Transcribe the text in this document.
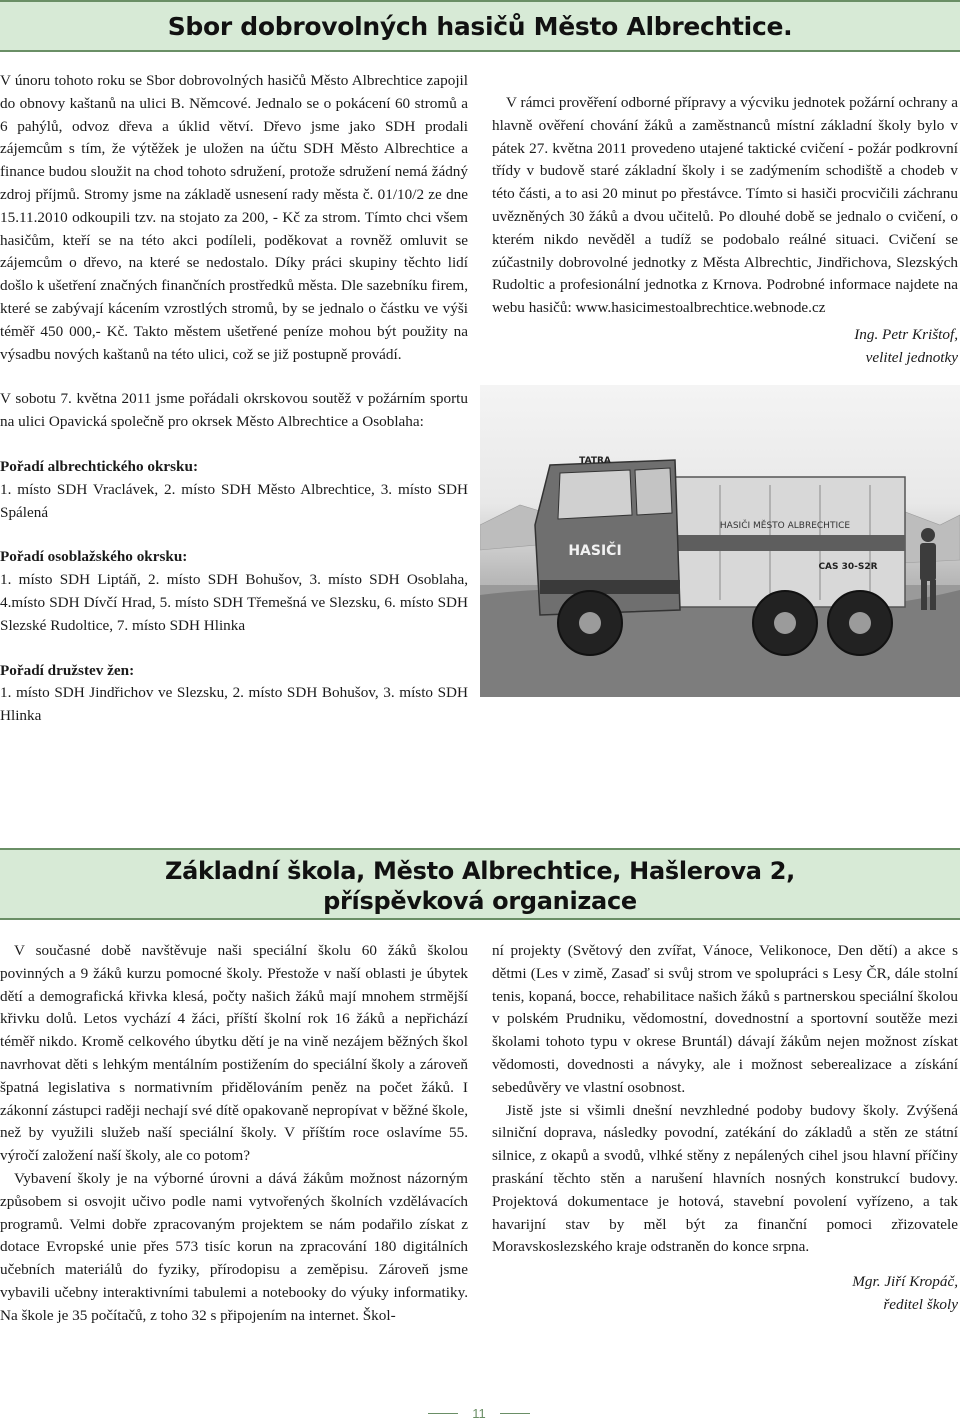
Sbor dobrovolných hasičů Město Albrechtice.

V únoru tohoto roku se Sbor dobrovolných hasičů Město Albrechtice zapojil do obnovy kaštanů na ulici B. Němcové. Jednalo se o pokácení 60 stromů a 6 pahýlů, odvoz dřeva a úklid větví. Dřevo jsme jako SDH prodali zájemcům s tím, že výtěžek je uložen na účtu SDH Město Albrechtice a finance budou sloužit na chod tohoto sdružení, protože sdružení nemá žádný zdroj příjmů. Stromy jsme na základě usnesení rady města č. 01/10/2 ze dne 15.11.2010 odkoupili tzv. na stojato za 200, - Kč za strom. Tímto chci všem hasičům, kteří se na této akci podíleli, poděkovat a rovněž omluvit se zájemcům o dřevo, na které se nedostalo. Díky práci skupiny těchto lidí došlo k ušetření značných finančních prostředků města. Dle sazebníku firem, které se zabývají kácením vzrostlých stromů, by se jednalo o částku ve výši téměř 450 000,- Kč. Takto městem ušetřené peníze mohou být použity na výsadbu nových kaštanů na této ulici, což se již postupně provádí.

V sobotu 7. května 2011 jsme pořádali okrskovou soutěž v požárním sportu na ulici Opavická společně pro okrsek Město Albrechtice a Osoblaha:

Pořadí albrechtického okrsku:

1. místo SDH Vraclávek, 2. místo SDH Město Albrechtice, 3. místo SDH Spálená

Pořadí osoblažského okrsku:

1. místo SDH Liptáň, 2. místo SDH Bohušov, 3. místo SDH Osoblaha, 4.místo SDH Dívčí Hrad, 5. místo SDH Třemešná ve Slezsku, 6. místo SDH Slezské Rudoltice, 7. místo SDH Hlinka

Pořadí družstev žen:

1. místo SDH Jindřichov ve Slezsku, 2. místo SDH Bohušov, 3. místo SDH Hlinka

V rámci prověření odborné přípravy a výcviku jednotek požární ochrany a hlavně ověření chování žáků a zaměstnanců místní základní školy bylo v pátek 27. května 2011 provedeno utajené taktické cvičení - požár podkrovní třídy v budově staré základní školy i se zadýmením schodiště a chodeb v této části, a to asi 20 minut po přestávce. Tímto si hasiči procvičili záchranu uvězněných 30 žáků a dvou učitelů. Po dlouhé době se jednalo o cvičení, o kterém nikdo nevěděl a tudíž se podobalo reálné situaci. Cvičení se zúčastnily dobrovolné jednotky z Města Albrechtic, Jindřichova, Slezských Rudoltic a profesionální jednotka z Krnova. Podrobné informace najdete na webu hasičů: www.hasicimestoalbrechtice.webnode.cz

Ing. Petr Krištof,

velitel jednotky

HASIČI MĚSTO ALBRECHTICE
CAS 30-S2R
TATRA
HASIČI
Základní škola, Město Albrechtice, Hašlerova 2,
příspěvková organizace

V současné době navštěvuje naši speciální školu 60 žáků školou povinných a 9 žáků kurzu pomocné školy. Přestože v naší oblasti je úbytek dětí a demografická křivka klesá, počty našich žáků mají mnohem strmější křivku dolů. Letos vychází 4 žáci, příští školní rok 16 žáků a nepřichází téměř nikdo. Kromě celkového úbytku dětí je na vině nezájem běžných škol navrhovat děti s lehkým mentálním postižením do speciální školy a zároveň špatná legislativa s normativním přidělováním peněz na počet žáků. I zákonní zástupci raději nechají své dítě opakovaně nepropívat v běžné škole, než by využili služeb naší speciální školy. V příštím roce oslavíme 55. výročí založení naší školy, ale co potom?

Vybavení školy je na výborné úrovni a dává žákům možnost názorným způsobem si osvojit učivo podle nami vytvořených školních vzdělávacích programů. Velmi dobře zpracovaným projektem se nám podařilo získat z dotace Evropské unie přes 573 tisíc korun na zpracování 180 digitálních učebních materiálů do fyziky, přírodopisu a zeměpisu. Zároveň jsme vybavili učebny interaktivními tabulemi a notebooky do výuky informatiky. Na škole je 35 počítačů, z toho 32 s připojením na internet. Škol-

ní projekty (Světový den zvířat, Vánoce, Velikonoce, Den dětí) a akce s dětmi (Les v zimě, Zasaď si svůj strom ve spolupráci s Lesy ČR, dále stolní tenis, kopaná, bocce, rehabilitace našich žáků s partnerskou speciální školou v polském Prudniku, vědomostní, dovednostní a sportovní soutěže mezi školami tohoto typu v okrese Bruntál) dávají žákům nejen možnost získat vědomosti, dovednosti a návyky, ale i možnost seberealizace a získání sebedůvěry ve vlastní osobnost.

Jistě jste si všimli dnešní nevzhledné podoby budovy školy. Zvýšená silniční doprava, následky povodní, zatékání do základů a stěn ze státní silnice, z okapů a svodů, vlhké stěny z nepálených cihel jsou hlavní příčiny praskání těchto stěn a narušení hlavních nosných konstrukcí budovy. Projektová dokumentace je hotová, stavební povolení vyřízeno, a tak havarijní stav by měl být za finanční pomoci zřizovatele Moravskoslezského kraje odstraněn do konce srpna.

Mgr. Jiří Kropáč,

ředitel školy

11
